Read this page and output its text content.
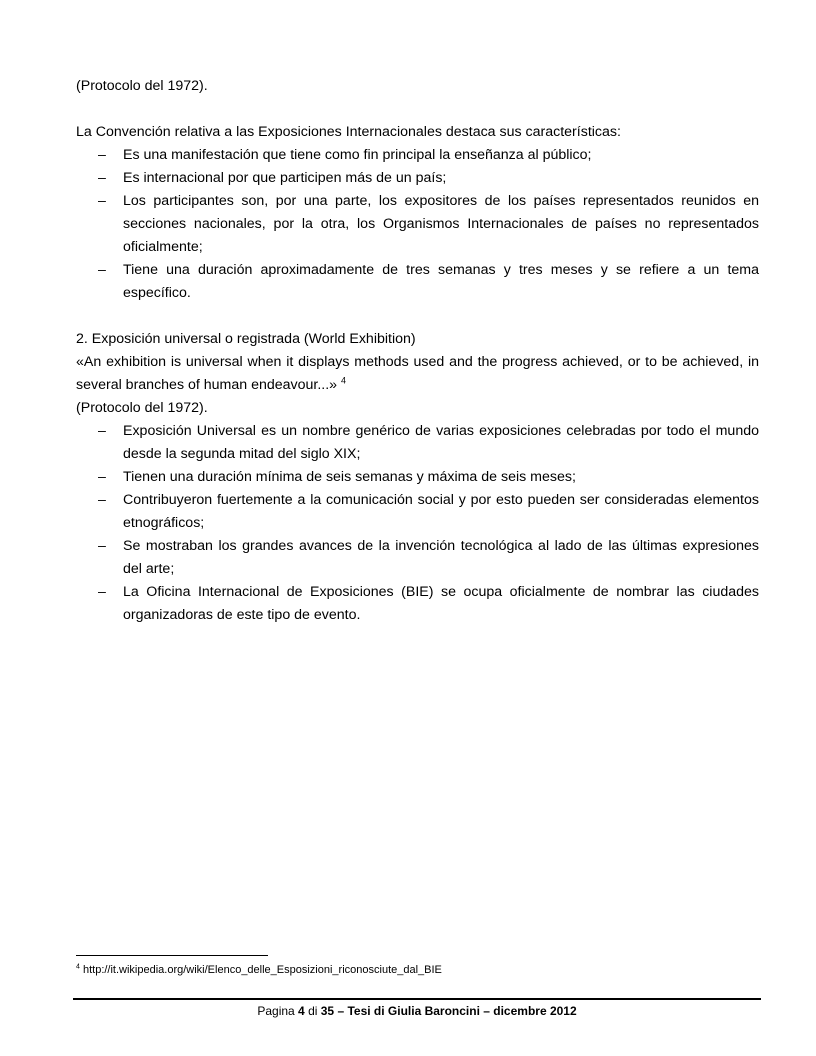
(Protocolo del 1972).

La Convención relativa a las Exposiciones Internacionales destaca sus características:

– Es una manifestación que tiene como fin principal la enseñanza al público;
– Es internacional por que participen más de un país;
– Los participantes son, por una parte, los expositores de los países representados reunidos en secciones nacionales, por la otra, los Organismos Internacionales de países no representados oficialmente;
– Tiene una duración aproximadamente de tres semanas y tres meses y se refiere a un tema específico.

2. Exposición universal o registrada (World Exhibition)

«An exhibition is universal when it displays methods used and the progress achieved, or to be achieved, in several branches of human endeavour...» $^4$

(Protocolo del 1972).

– Exposición Universal es un nombre genérico de varias exposiciones celebradas por todo el mundo desde la segunda mitad del siglo XIX;
– Tienen una duración mínima de seis semanas y máxima de seis meses;
– Contribuyeron fuertemente a la comunicación social y por esto pueden ser consideradas elementos etnográficos;
– Se mostraban los grandes avances de la invención tecnológica al lado de las últimas expresiones del arte;
– La Oficina Internacional de Exposiciones (BIE) se ocupa oficialmente de nombrar las ciudades organizadoras de este tipo de evento.
$^4$ http://it.wikipedia.org/wiki/Elenco_delle_Esposizioni_riconosciute_dal_BIE
Pagina 4 di 35 – Tesi di Giulia Baroncini – dicembre 2012
